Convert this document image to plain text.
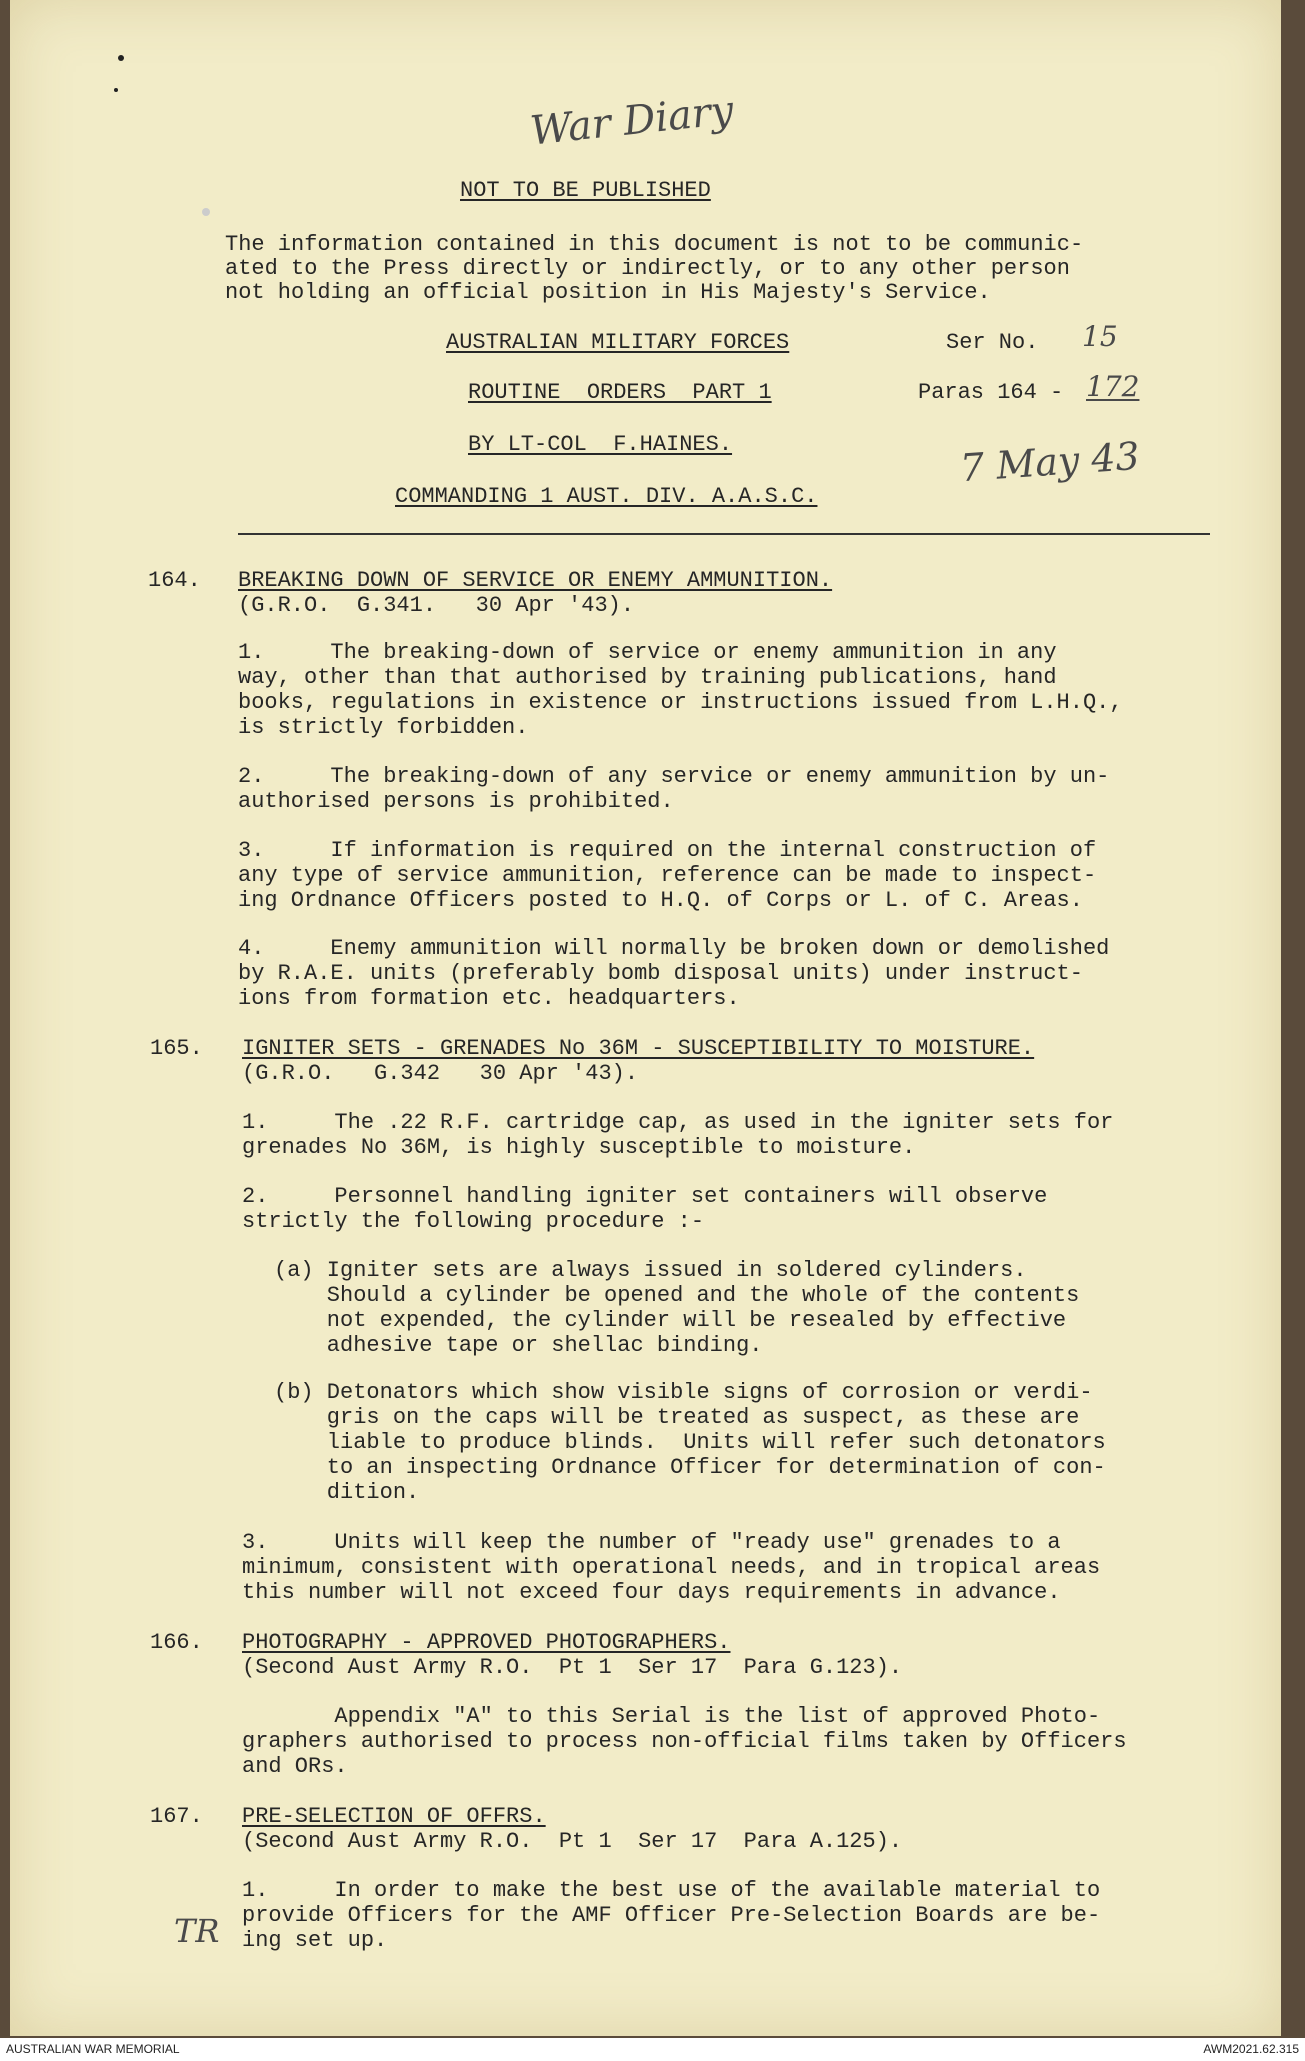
War Diary
NOT TO BE PUBLISHED
The information contained in this document is not to be communic-
ated to the Press directly or indirectly, or to any other person
not holding an official position in His Majesty's Service.
AUSTRALIAN MILITARY FORCES	Ser No. 15
ROUTINE  ORDERS  PART 1	Paras 164 - 172
BY LT-COL  F.HAINES.	7 May 43
COMMANDING 1 AUST. DIV. A.A.S.C.
164. BREAKING DOWN OF SERVICE OR ENEMY AMMUNITION.
(G.R.O.  G.341.   30 Apr '43).
1.     The breaking-down of service or enemy ammunition in any
way, other than that authorised by training publications, hand
books, regulations in existence or instructions issued from L.H.Q.,
is strictly forbidden.
2.     The breaking-down of any service or enemy ammunition by un-
authorised persons is prohibited.
3.     If information is required on the internal construction of
any type of service ammunition, reference can be made to inspect-
ing Ordnance Officers posted to H.Q. of Corps or L. of C. Areas.
4.     Enemy ammunition will normally be broken down or demolished
by R.A.E. units (preferably bomb disposal units) under instruct-
ions from formation etc. headquarters.
165. IGNITER SETS - GRENADES No 36M - SUSCEPTIBILITY TO MOISTURE.
(G.R.O.   G.342   30 Apr '43).
1.     The .22 R.F. cartridge cap, as used in the igniter sets for
grenades No 36M, is highly susceptible to moisture.
2.     Personnel handling igniter set containers will observe
strictly the following procedure :-
(a) Igniter sets are always issued in soldered cylinders.
Should a cylinder be opened and the whole of the contents
not expended, the cylinder will be resealed by effective
adhesive tape or shellac binding.
(b) Detonators which show visible signs of corrosion or verdi-
gris on the caps will be treated as suspect, as these are
liable to produce blinds.  Units will refer such detonators
to an inspecting Ordnance Officer for determination of con-
dition.
3.     Units will keep the number of "ready use" grenades to a
minimum, consistent with operational needs, and in tropical areas
this number will not exceed four days requirements in advance.
166. PHOTOGRAPHY - APPROVED PHOTOGRAPHERS.
(Second Aust Army R.O.  Pt 1  Ser 17  Para G.123).
Appendix "A" to this Serial is the list of approved Photo-
graphers authorised to process non-official films taken by Officers
and ORs.
167. PRE-SELECTION OF OFFRS.
(Second Aust Army R.O.  Pt 1  Ser 17  Para A.125).
1.     In order to make the best use of the available material to
provide Officers for the AMF Officer Pre-Selection Boards are be-
ing set up.
TR
AUSTRALIAN WAR MEMORIAL	AWM2021.62.315
